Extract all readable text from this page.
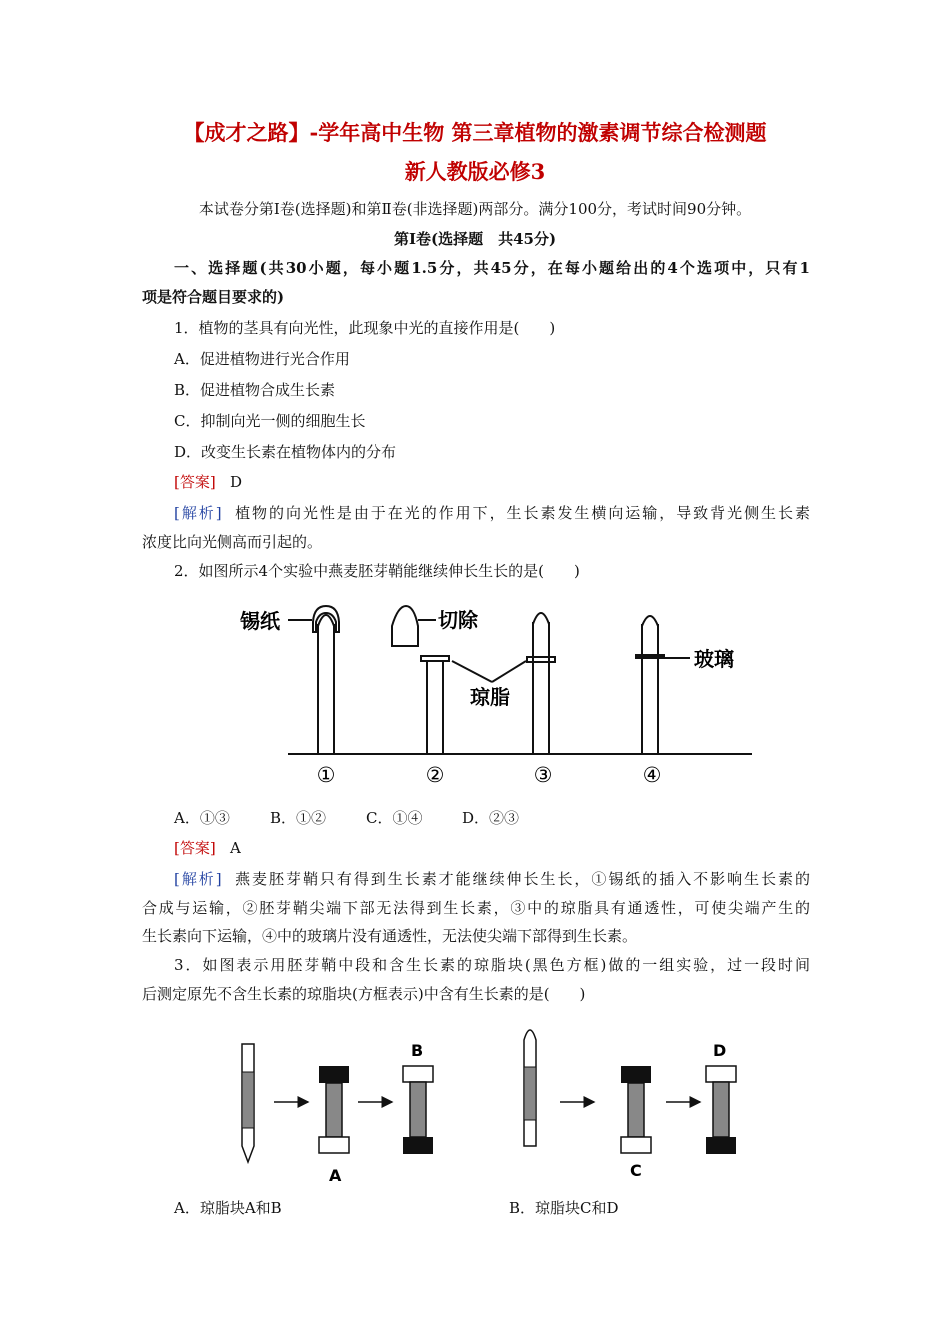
【成才之路】-学年高中生物 第三章植物的激素调节综合检测题
新人教版必修3
本试卷分第Ⅰ卷(选择题)和第Ⅱ卷(非选择题)两部分。满分100分，考试时间90分钟。
第Ⅰ卷(选择题　共45分)
一、选择题(共30小题，每小题1.5分，共45分，在每小题给出的4个选项中，只有1
项是符合题目要求的)
1．植物的茎具有向光性，此现象中光的直接作用是(　　)
A．促进植物进行光合作用
B．促进植物合成生长素
C．抑制向光一侧的细胞生长
D．改变生长素在植物体内的分布
[答案] D
[解析] 植物的向光性是由于在光的作用下，生长素发生横向运输，导致背光侧生长素
浓度比向光侧高而引起的。
2．如图所示4个实验中燕麦胚芽鞘能继续伸长生长的是(　　)
锡纸	切除
琼脂
玻璃
①	②	③	④
A．①③	B．①②	C．①④	D．②③
[答案] A
[解析] 燕麦胚芽鞘只有得到生长素才能继续伸长生长，①锡纸的插入不影响生长素的
合成与运输，②胚芽鞘尖端下部无法得到生长素，③中的琼脂具有通透性，可使尖端产生的
生长素向下运输，④中的玻璃片没有通透性，无法使尖端下部得到生长素。
3．如图表示用胚芽鞘中段和含生长素的琼脂块(黑色方框)做的一组实验，过一段时间
后测定原先不含生长素的琼脂块(方框表示)中含有生长素的是(　　)
A
B
C
D
A．琼脂块A和B	B．琼脂块C和D
